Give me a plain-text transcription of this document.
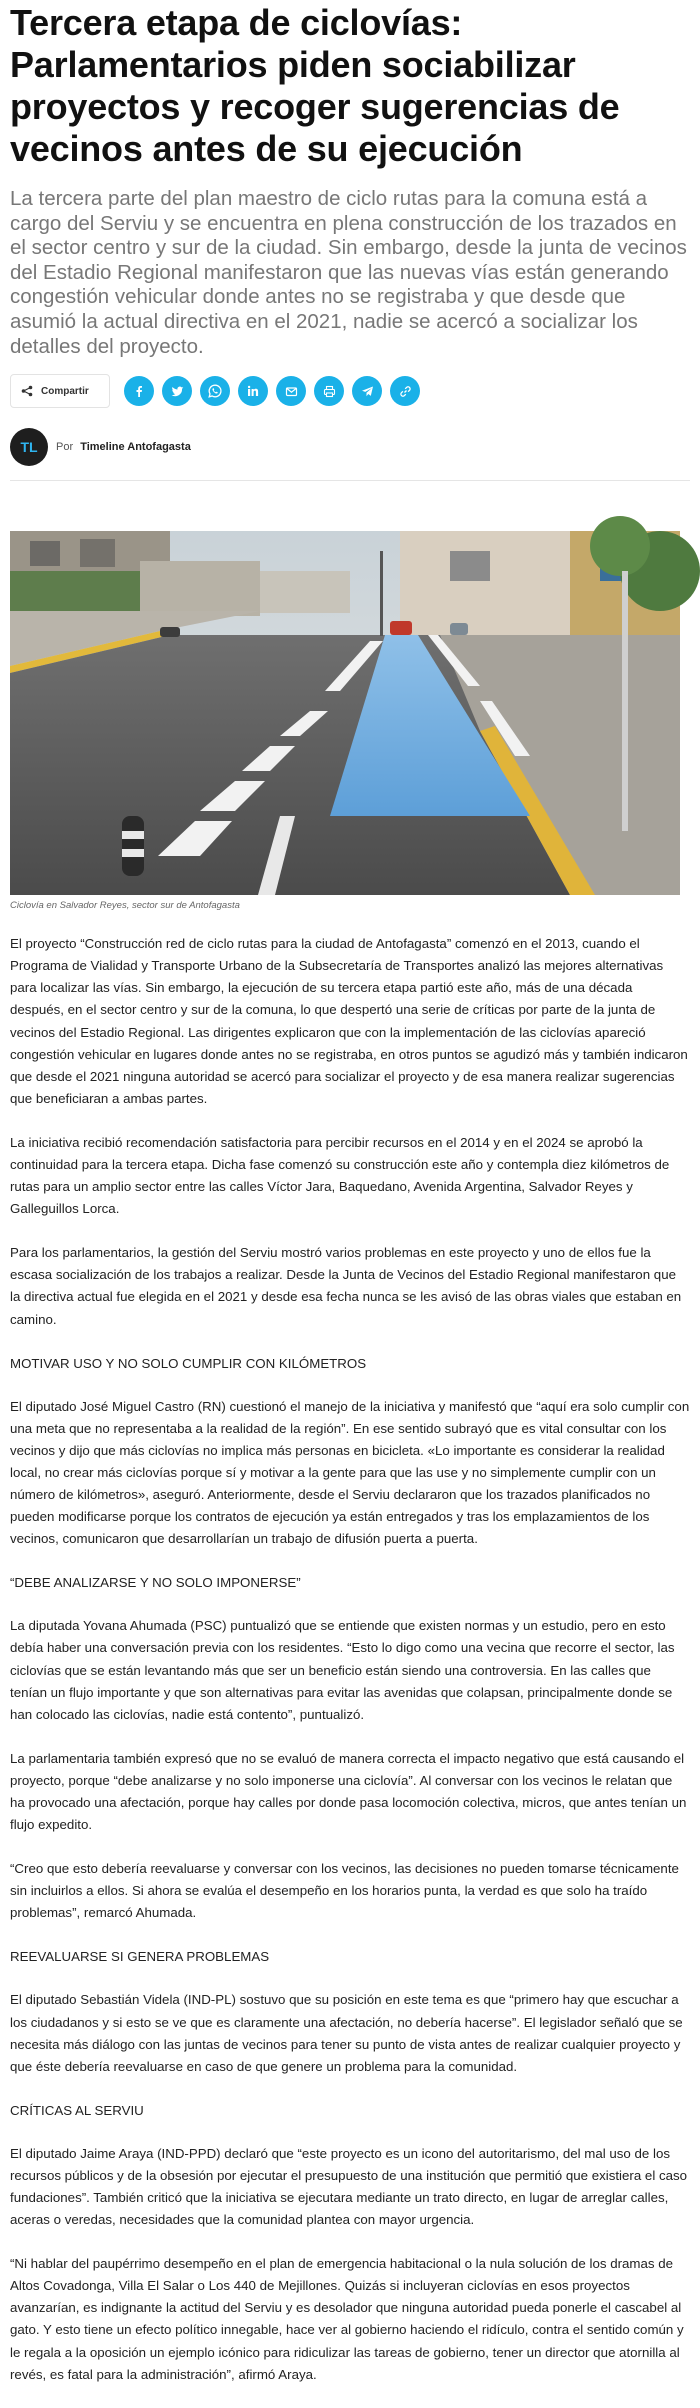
Tercera etapa de ciclovías: Parlamentarios piden sociabilizar proyectos y recoger sugerencias de vecinos antes de su ejecución

La tercera parte del plan maestro de ciclo rutas para la comuna está a cargo del Serviu y se encuentra en plena construcción de los trazados en el sector centro y sur de la ciudad. Sin embargo, desde la junta de vecinos del Estadio Regional manifestaron que las nuevas vías están generando congestión vehicular donde antes no se registraba y que desde que asumió la actual directiva en el 2021, nadie se acercó a socializar los detalles del proyecto.

Compartir
TL Por Timeline Antofagasta

Ciclovía en Salvador Reyes, sector sur de Antofagasta

El proyecto “Construcción red de ciclo rutas para la ciudad de Antofagasta” comenzó en el 2013, cuando el Programa de Vialidad y Transporte Urbano de la Subsecretaría de Transportes analizó las mejores alternativas para localizar las vías. Sin embargo, la ejecución de su tercera etapa partió este año, más de una década después, en el sector centro y sur de la comuna, lo que despertó una serie de críticas por parte de la junta de vecinos del Estadio Regional. Las dirigentes explicaron que con la implementación de las ciclovías apareció congestión vehicular en lugares donde antes no se registraba, en otros puntos se agudizó más y también indicaron que desde el 2021 ninguna autoridad se acercó para socializar el proyecto y de esa manera realizar sugerencias que beneficiaran a ambas partes.

La iniciativa recibió recomendación satisfactoria para percibir recursos en el 2014 y en el 2024 se aprobó la continuidad para la tercera etapa. Dicha fase comenzó su construcción este año y contempla diez kilómetros de rutas para un amplio sector entre las calles Víctor Jara, Baquedano, Avenida Argentina, Salvador Reyes y Galleguillos Lorca.

Para los parlamentarios, la gestión del Serviu mostró varios problemas en este proyecto y uno de ellos fue la escasa socialización de los trabajos a realizar. Desde la Junta de Vecinos del Estadio Regional manifestaron que la directiva actual fue elegida en el 2021 y desde esa fecha nunca se les avisó de las obras viales que estaban en camino.

MOTIVAR USO Y NO SOLO CUMPLIR CON KILÓMETROS

El diputado José Miguel Castro (RN) cuestionó el manejo de la iniciativa y manifestó que “aquí era solo cumplir con una meta que no representaba a la realidad de la región”. En ese sentido subrayó que es vital consultar con los vecinos y dijo que más ciclovías no implica más personas en bicicleta. «Lo importante es considerar la realidad local, no crear más ciclovías porque sí y motivar a la gente para que las use y no simplemente cumplir con un número de kilómetros», aseguró. Anteriormente, desde el Serviu declararon que los trazados planificados no pueden modificarse porque los contratos de ejecución ya están entregados y tras los emplazamientos de los vecinos, comunicaron que desarrollarían un trabajo de difusión puerta a puerta.

“DEBE ANALIZARSE Y NO SOLO IMPONERSE”

La diputada Yovana Ahumada (PSC) puntualizó que se entiende que existen normas y un estudio, pero en esto debía haber una conversación previa con los residentes. “Esto lo digo como una vecina que recorre el sector, las ciclovías que se están levantando más que ser un beneficio están siendo una controversia. En las calles que tenían un flujo importante y que son alternativas para evitar las avenidas que colapsan, principalmente donde se han colocado las ciclovías, nadie está contento”, puntualizó.

La parlamentaria también expresó que no se evaluó de manera correcta el impacto negativo que está causando el proyecto, porque “debe analizarse y no solo imponerse una ciclovía”. Al conversar con los vecinos le relatan que ha provocado una afectación, porque hay calles por donde pasa locomoción colectiva, micros, que antes tenían un flujo expedito.

“Creo que esto debería reevaluarse y conversar con los vecinos, las decisiones no pueden tomarse técnicamente sin incluirlos a ellos. Si ahora se evalúa el desempeño en los horarios punta, la verdad es que solo ha traído problemas”, remarcó Ahumada.

REEVALUARSE SI GENERA PROBLEMAS

El diputado Sebastián Videla (IND-PL) sostuvo que su posición en este tema es que “primero hay que escuchar a los ciudadanos y si esto se ve que es claramente una afectación, no debería hacerse”. El legislador señaló que se necesita más diálogo con las juntas de vecinos para tener su punto de vista antes de realizar cualquier proyecto y que éste debería reevaluarse en caso de que genere un problema para la comunidad.

CRÍTICAS AL SERVIU

El diputado Jaime Araya (IND-PPD) declaró que “este proyecto es un icono del autoritarismo, del mal uso de los recursos públicos y de la obsesión por ejecutar el presupuesto de una institución que permitió que existiera el caso fundaciones”. También criticó que la iniciativa se ejecutara mediante un trato directo, en lugar de arreglar calles, aceras o veredas, necesidades que la comunidad plantea con mayor urgencia.

“Ni hablar del paupérrimo desempeño en el plan de emergencia habitacional o la nula solución de los dramas de Altos Covadonga, Villa El Salar o Los 440 de Mejillones. Quizás si incluyeran ciclovías en esos proyectos avanzarían, es indignante la actitud del Serviu y es desolador que ninguna autoridad pueda ponerle el cascabel al gato. Y esto tiene un efecto político innegable, hace ver al gobierno haciendo el ridículo, contra el sentido común y le regala a la oposición un ejemplo icónico para ridiculizar las tareas de gobierno, tener un director que atornilla al revés, es fatal para la administración”, afirmó Araya.
